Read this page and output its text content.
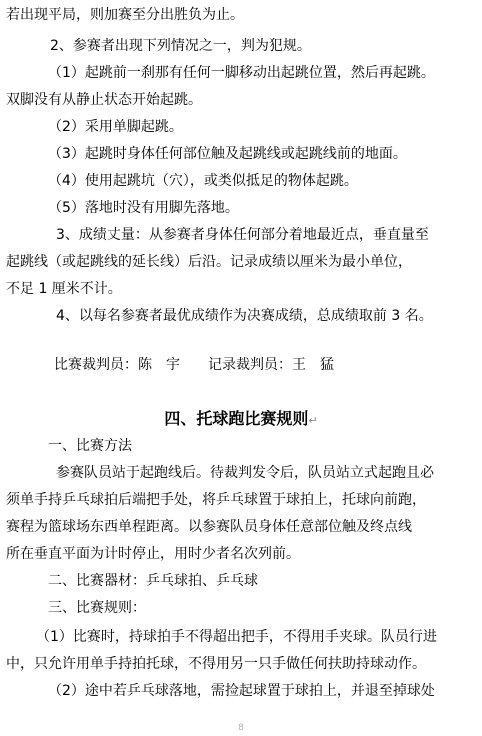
若出现平局，则加赛至分出胜负为止。
2、参赛者出现下列情况之一，判为犯规。
（1）起跳前一刹那有任何一脚移动出起跳位置，然后再起跳。
双脚没有从静止状态开始起跳。
（2）采用单脚起跳。
（3）起跳时身体任何部位触及起跳线或起跳线前的地面。
（4）使用起跳坑（穴），或类似抵足的物体起跳。
（5）落地时没有用脚先落地。
3、成绩丈量：从参赛者身体任何部分着地最近点，垂直量至
起跳线（或起跳线的延长线）后沿。记录成绩以厘米为最小单位，
不足 1 厘米不计。
4、以每名参赛者最优成绩作为决赛成绩，总成绩取前 3 名。
比赛裁判员：陈　宇　　记录裁判员：王　猛
四、托球跑比赛规则↵
一、比赛方法
参赛队员站于起跑线后。待裁判发令后，队员站立式起跑且必
须单手持乒乓球拍后端把手处，将乒乓球置于球拍上，托球向前跑，
赛程为篮球场东西单程距离。以参赛队员身体任意部位触及终点线
所在垂直平面为计时停止，用时少者名次列前。
二、比赛器材：乒乓球拍、乒乓球
三、比赛规则：
（1）比赛时，持球拍手不得超出把手，不得用手夹球。队员行进
中，只允许用单手持拍托球，不得用另一只手做任何扶助持球动作。
（2）途中若乒乓球落地，需捡起球置于球拍上，并退至掉球处
8
